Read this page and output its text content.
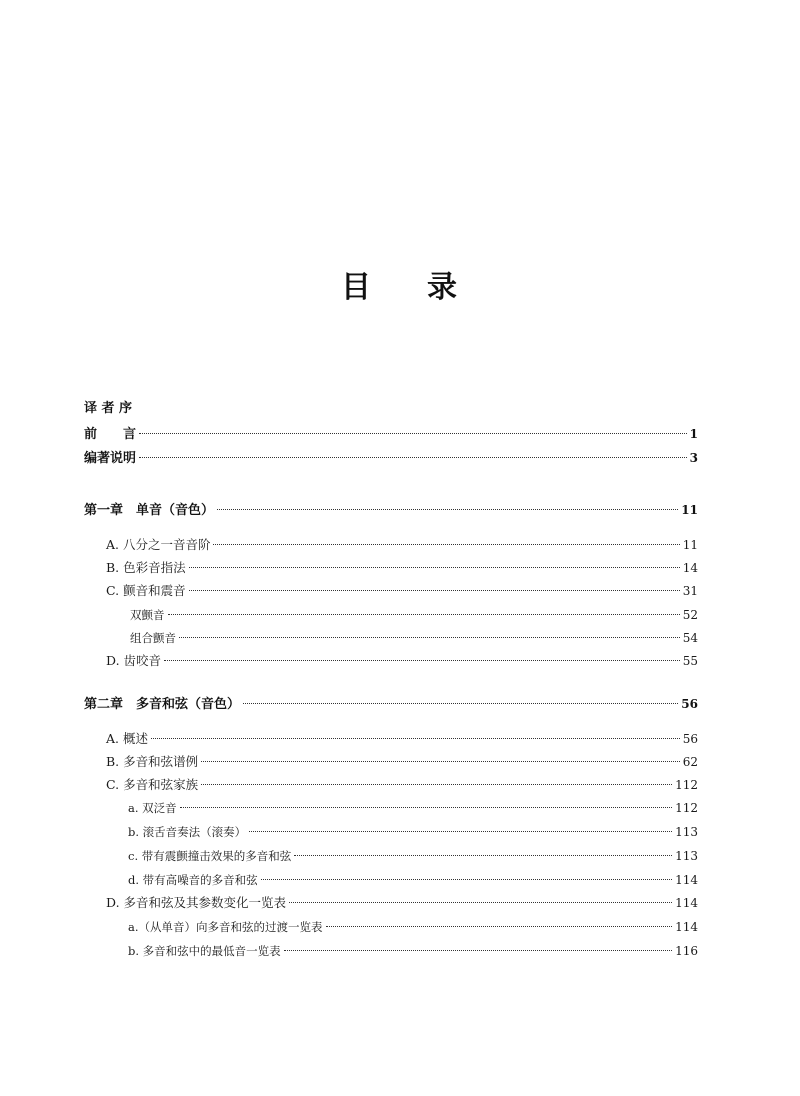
目 录
译 者 序
前　　言	1
编著说明	3
第一章　单音（音色）	11
A. 八分之一音音阶	11
B. 色彩音指法	14
C. 颤音和震音	31
双颤音	52
组合颤音	54
D. 齿咬音	55
第二章　多音和弦（音色）	56
A. 概述	56
B. 多音和弦谱例	62
C. 多音和弦家族	112
a. 双泛音	112
b. 滚舌音奏法（滚奏）	113
c. 带有震颤撞击效果的多音和弦	113
d. 带有高噪音的多音和弦	114
D. 多音和弦及其参数变化一览表	114
a.（从单音）向多音和弦的过渡一览表	114
b. 多音和弦中的最低音一览表	116
